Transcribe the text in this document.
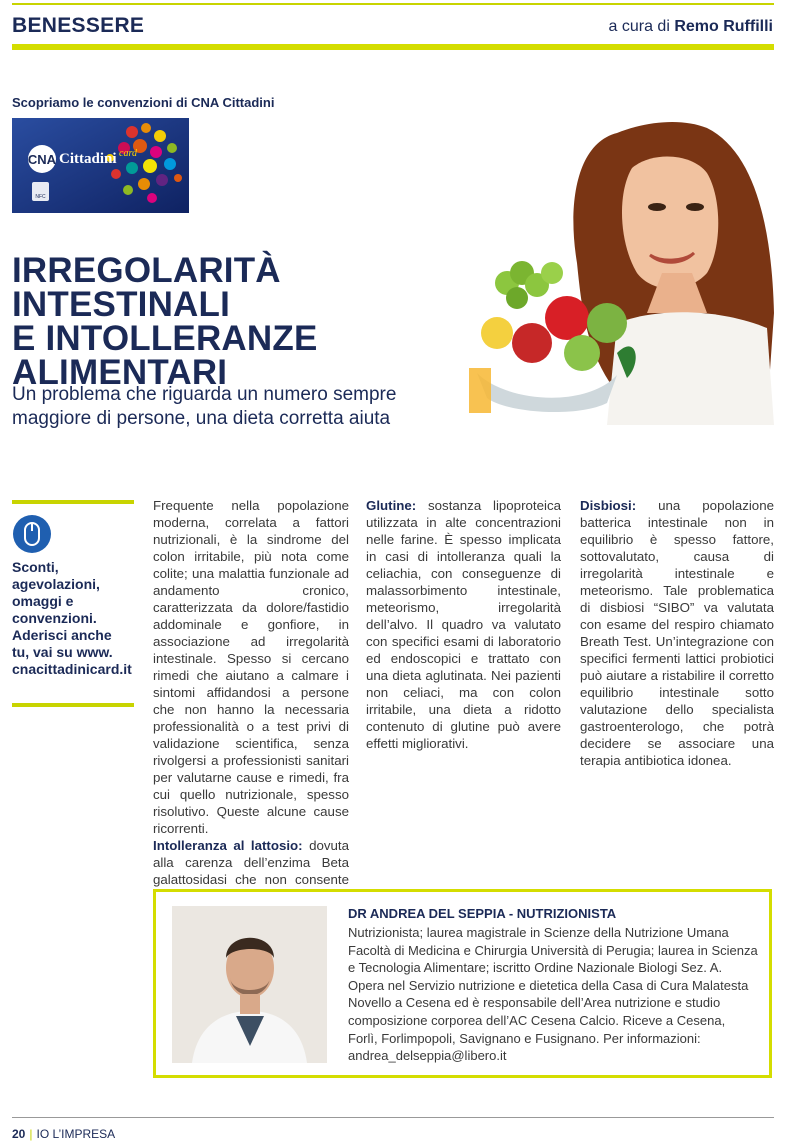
BENESSERE	a cura di Remo Ruffilli
Scopriamo le convenzioni di CNA Cittadini
CNA Cittadini card
NFC
IRREGOLARITÀ INTESTINALI
E INTOLLERANZE
ALIMENTARI
Un problema che riguarda un numero sempre
maggiore di persone, una dieta corretta aiuta
Sconti,
agevolazioni,
omaggi e
convenzioni.
Aderisci anche
tu, vai su www.
cnacittadinicard.it

Frequente nella popolazione moderna, correlata a fattori nutrizionali, è la sindrome del colon irritabile, più nota come colite; una malattia funzionale ad andamento cronico, caratterizzata da dolore/fastidio addominale e gonfiore, in associazione ad irregolarità intestinale. Spesso si cercano rimedi che aiutano a calmare i sintomi affidandosi a persone che non hanno la necessaria professionalità o a test privi di validazione scientifica, senza rivolgersi a professionisti sanitari per valutarne cause e rimedi, fra cui quello nutrizionale, spesso risolutivo. Queste alcune cause ricorrenti.

Intolleranza al lattosio: dovuta alla carenza dell’enzima Beta galattosidasi che non consente

Glutine: sostanza lipoproteica utilizzata in alte concentrazioni nelle farine. È spesso implicata in casi di intolleranza quali la celiachia, con conseguenze di malassorbimento intestinale, meteorismo, irregolarità dell’alvo. Il quadro va valutato con specifici esami di laboratorio ed endoscopici e trattato con una dieta aglutinata. Nei pazienti non celiaci, ma con colon irritabile, una dieta a ridotto contenuto di glutine può avere effetti migliorativi.

Disbiosi: una popolazione batterica intestinale non in equilibrio è spesso fattore, sottovalutato, causa di irregolarità intestinale e meteorismo. Tale problematica di disbiosi “SIBO” va valutata con esame del respiro chiamato Breath Test. Un’integrazione con specifici fermenti lattici probiotici può aiutare a ristabilire il corretto equilibrio intestinale sotto valutazione dello specialista gastroenterologo, che potrà decidere se associare una terapia antibiotica idonea.

DR ANDREA DEL SEPPIA - NUTRIZIONISTA
Nutrizionista; laurea magistrale in Scienze della Nutrizione Umana Facoltà di Medicina e Chirurgia Università di Perugia; laurea in Scienza e Tecnologia Alimentare; iscritto Ordine Nazionale Biologi Sez. A. Opera nel Servizio nutrizione e dietetica della Casa di Cura Malatesta Novello a Cesena ed è responsabile dell’Area nutrizione e studio composizione corporea dell’AC Cesena Calcio. Riceve a Cesena, Forlì, Forlimpopoli, Savignano e Fusignano. Per informazioni: andrea_delseppia@libero.it
20 | IO L’IMPRESA
